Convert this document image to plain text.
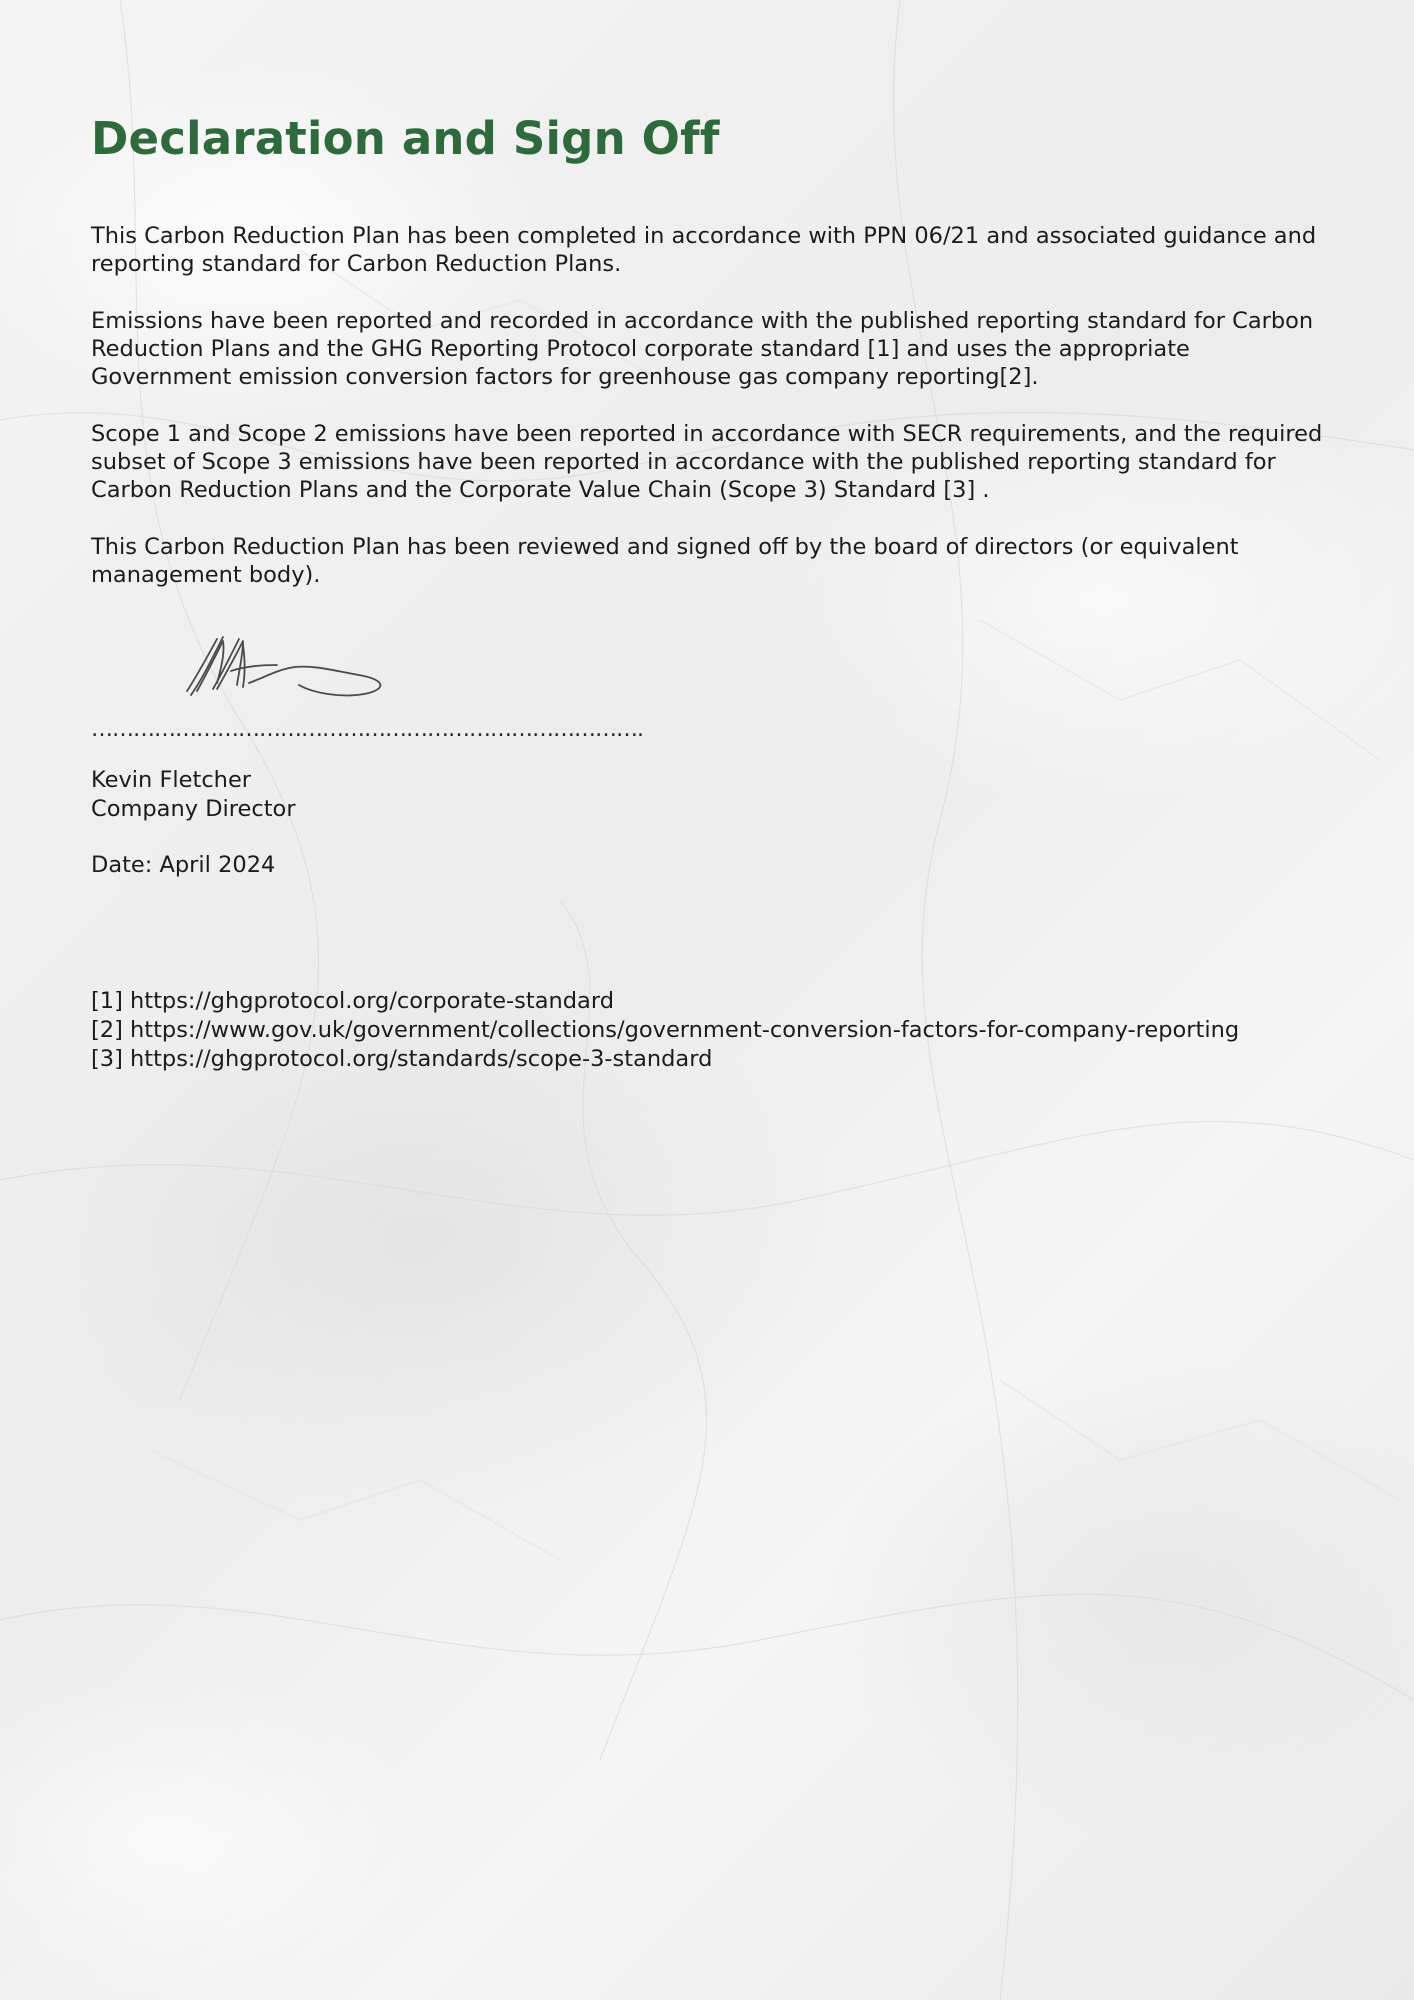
Declaration and Sign Off

This Carbon Reduction Plan has been completed in accordance with PPN 06/21 and associated guidance and reporting standard for Carbon Reduction Plans.

Emissions have been reported and recorded in accordance with the published reporting standard for Carbon Reduction Plans and the GHG Reporting Protocol corporate standard [1] and uses the appropriate Government emission conversion factors for greenhouse gas company reporting[2].

Scope 1 and Scope 2 emissions have been reported in accordance with SECR requirements, and the required subset of Scope 3 emissions have been reported in accordance with the published reporting standard for Carbon Reduction Plans and the Corporate Value Chain (Scope 3) Standard [3] .

This Carbon Reduction Plan has been reviewed and signed off by the board of directors (or equivalent management body).

…………………………………………………………………….
Kevin Fletcher
Company Director
Date: April 2024
[1] https://ghgprotocol.org/corporate-standard
[2] https://www.gov.uk/government/collections/government-conversion-factors-for-company-reporting
[3] https://ghgprotocol.org/standards/scope-3-standard
